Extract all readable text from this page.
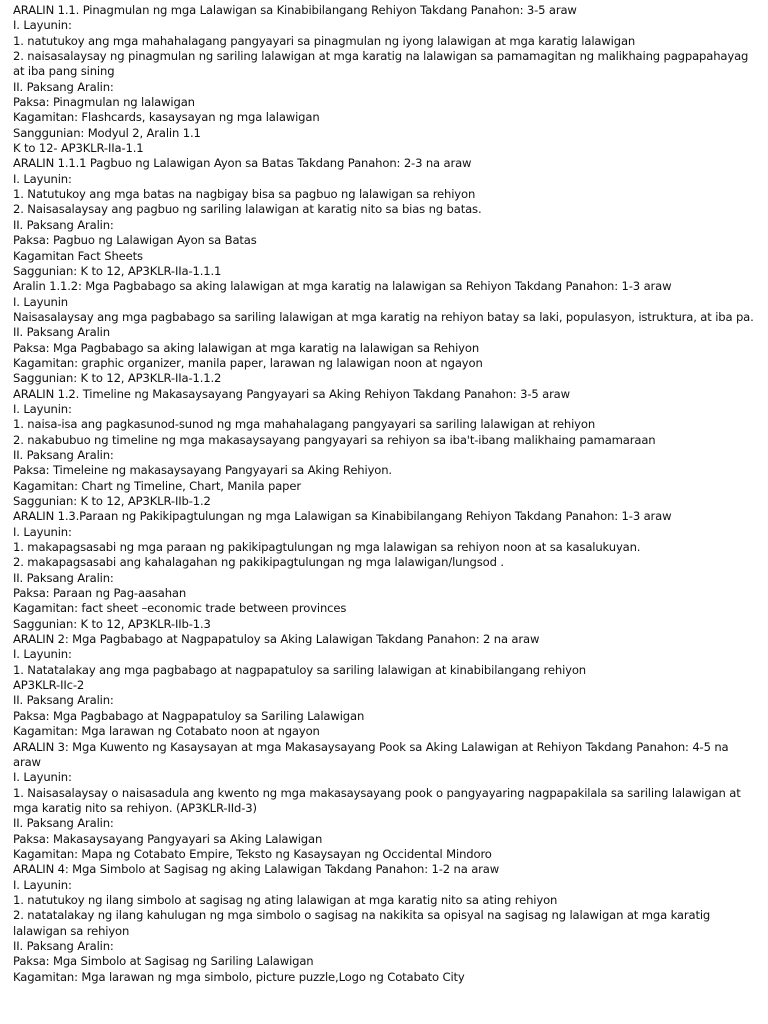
ARALIN 1.1. Pinagmulan ng mga Lalawigan sa Kinabibilangang Rehiyon Takdang Panahon: 3-5 araw

I. Layunin:

1. natutukoy ang mga mahahalagang pangyayari sa pinagmulan ng iyong lalawigan at mga karatig lalawigan

2. naisasalaysay ng pinagmulan ng sariling lalawigan at mga karatig na lalawigan sa pamamagitan ng malikhaing pagpapahayag at iba pang sining

II. Paksang Aralin:

Paksa: Pinagmulan ng lalawigan

Kagamitan: Flashcards, kasaysayan ng mga lalawigan

Sanggunian: Modyul 2, Aralin 1.1

K to 12- AP3KLR-IIa-1.1

ARALIN 1.1.1 Pagbuo ng Lalawigan Ayon sa Batas Takdang Panahon: 2-3 na araw

I. Layunin:

1. Natutukoy ang mga batas na nagbigay bisa sa pagbuo ng lalawigan sa rehiyon

2. Naisasalaysay ang pagbuo ng sariling lalawigan at karatig nito sa bias ng batas.

II. Paksang Aralin:

Paksa: Pagbuo ng Lalawigan Ayon sa Batas

Kagamitan Fact Sheets

Saggunian: K to 12, AP3KLR-IIa-1.1.1

Aralin 1.1.2: Mga Pagbabago sa aking lalawigan at mga karatig na lalawigan sa Rehiyon Takdang Panahon: 1-3 araw

I. Layunin

Naisasalaysay ang mga pagbabago sa sariling lalawigan at mga karatig na rehiyon batay sa laki, populasyon, istruktura, at iba pa.

II. Paksang Aralin

Paksa: Mga Pagbabago sa aking lalawigan at mga karatig na lalawigan sa Rehiyon

Kagamitan: graphic organizer, manila paper, larawan ng lalawigan noon at ngayon

Saggunian: K to 12, AP3KLR-IIa-1.1.2

ARALIN 1.2. Timeline ng Makasaysayang Pangyayari sa Aking Rehiyon Takdang Panahon: 3-5 araw

I. Layunin:

1. naisa-isa ang pagkasunod-sunod ng mga mahahalagang pangyayari sa sariling lalawigan at rehiyon

2. nakabubuo ng timeline ng mga makasaysayang pangyayari sa rehiyon sa iba't-ibang malikhaing pamamaraan

II. Paksang Aralin:

Paksa: Timeleine ng makasaysayang Pangyayari sa Aking Rehiyon.

Kagamitan: Chart ng Timeline, Chart, Manila paper

Saggunian: K to 12, AP3KLR-IIb-1.2

ARALIN 1.3.Paraan ng Pakikipagtulungan ng mga Lalawigan sa Kinabibilangang Rehiyon Takdang Panahon: 1-3 araw

I. Layunin:

1. makapagsasabi ng mga paraan ng pakikipagtulungan ng mga lalawigan sa rehiyon noon at sa kasalukuyan.

2. makapagsasabi ang kahalagahan ng pakikipagtulungan ng mga lalawigan/lungsod .

II. Paksang Aralin:

Paksa: Paraan ng Pag-aasahan

Kagamitan: fact sheet –economic trade between provinces

Saggunian: K to 12, AP3KLR-IIb-1.3

ARALIN 2: Mga Pagbabago at Nagpapatuloy sa Aking Lalawigan Takdang Panahon: 2 na araw

I. Layunin:

1. Natatalakay ang mga pagbabago at nagpapatuloy sa sariling lalawigan at kinabibilangang rehiyon

AP3KLR-IIc-2

II. Paksang Aralin:

Paksa: Mga Pagbabago at Nagpapatuloy sa Sariling Lalawigan

Kagamitan: Mga larawan ng Cotabato noon at ngayon

ARALIN 3: Mga Kuwento ng Kasaysayan at mga Makasaysayang Pook sa Aking Lalawigan at Rehiyon Takdang Panahon: 4-5 na araw

I. Layunin:

1. Naisasalaysay o naisasadula ang kwento ng mga makasaysayang pook o pangyayaring nagpapakilala sa sariling lalawigan at mga karatig nito sa rehiyon. (AP3KLR-IId-3)

II. Paksang Aralin:

Paksa: Makasaysayang Pangyayari sa Aking Lalawigan

Kagamitan: Mapa ng Cotabato Empire, Teksto ng Kasaysayan ng Occidental Mindoro

ARALIN 4: Mga Simbolo at Sagisag ng aking Lalawigan Takdang Panahon: 1-2 na araw

I. Layunin:

1. natutukoy ng ilang simbolo at sagisag ng ating lalawigan at mga karatig nito sa ating rehiyon

2. natatalakay ng ilang kahulugan ng mga simbolo o sagisag na nakikita sa opisyal na sagisag ng lalawigan at mga karatig lalawigan sa rehiyon

II. Paksang Aralin:

Paksa: Mga Simbolo at Sagisag ng Sariling Lalawigan

Kagamitan: Mga larawan ng mga simbolo, picture puzzle,Logo ng Cotabato City
